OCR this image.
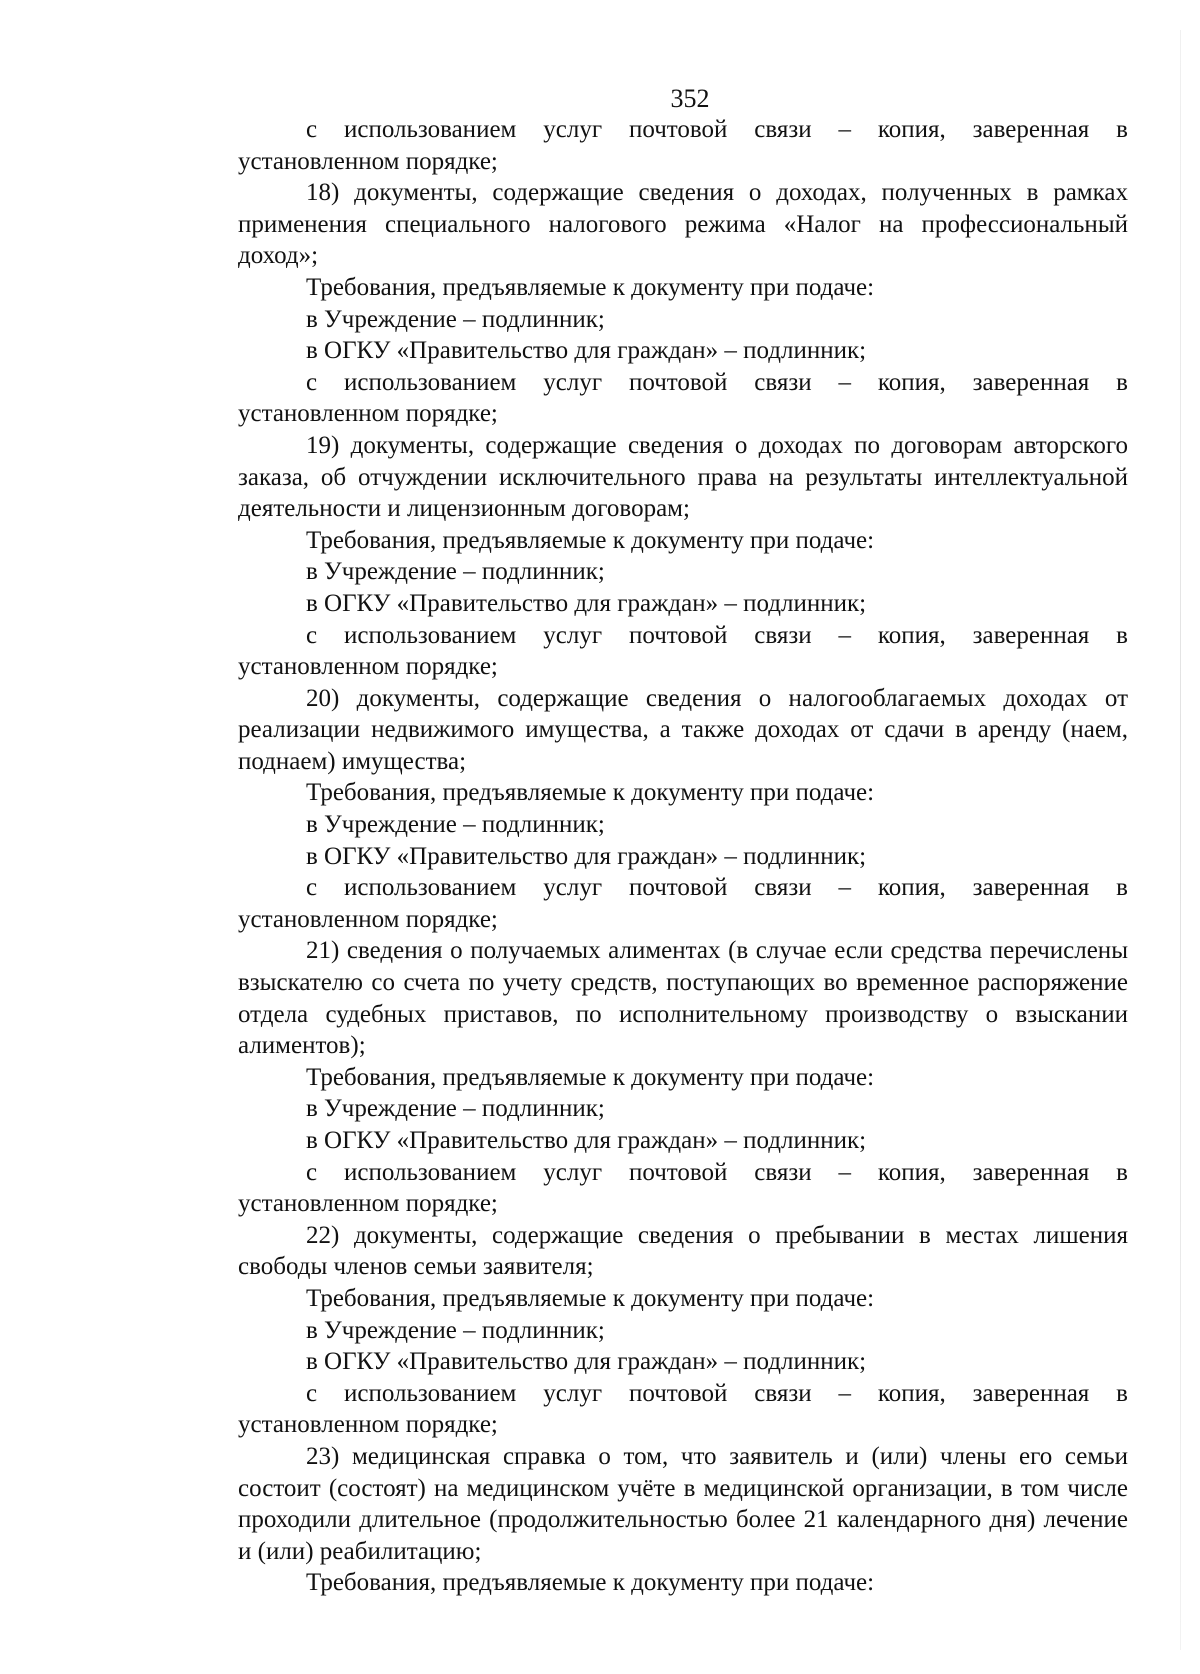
352

с использованием услуг почтовой связи – копия, заверенная в установленном порядке;

18) документы, содержащие сведения о доходах, полученных в рамках применения специального налогового режима «Налог на профессиональный доход»;

Требования, предъявляемые к документу при подаче:

в Учреждение – подлинник;

в ОГКУ «Правительство для граждан» – подлинник;

с использованием услуг почтовой связи – копия, заверенная в установленном порядке;

19) документы, содержащие сведения о доходах по договорам авторского заказа, об отчуждении исключительного права на результаты интеллектуальной деятельности и лицензионным договорам;

Требования, предъявляемые к документу при подаче:

в Учреждение – подлинник;

в ОГКУ «Правительство для граждан» – подлинник;

с использованием услуг почтовой связи – копия, заверенная в установленном порядке;

20) документы, содержащие сведения о налогооблагаемых доходах от реализации недвижимого имущества, а также доходах от сдачи в аренду (наем, поднаем) имущества;

Требования, предъявляемые к документу при подаче:

в Учреждение – подлинник;

в ОГКУ «Правительство для граждан» – подлинник;

с использованием услуг почтовой связи – копия, заверенная в установленном порядке;

21) сведения о получаемых алиментах (в случае если средства перечислены взыскателю со счета по учету средств, поступающих во временное распоряжение отдела судебных приставов, по исполнительному производству о взыскании алиментов);

Требования, предъявляемые к документу при подаче:

в Учреждение – подлинник;

в ОГКУ «Правительство для граждан» – подлинник;

с использованием услуг почтовой связи – копия, заверенная в установленном порядке;

22) документы, содержащие сведения о пребывании в местах лишения свободы членов семьи заявителя;

Требования, предъявляемые к документу при подаче:

в Учреждение – подлинник;

в ОГКУ «Правительство для граждан» – подлинник;

с использованием услуг почтовой связи – копия, заверенная в установленном порядке;

23) медицинская справка о том, что заявитель и (или) члены его семьи состоит (состоят) на медицинском учёте в медицинской организации, в том числе проходили длительное (продолжительностью более 21 календарного дня) лечение и (или) реабилитацию;

Требования, предъявляемые к документу при подаче:
